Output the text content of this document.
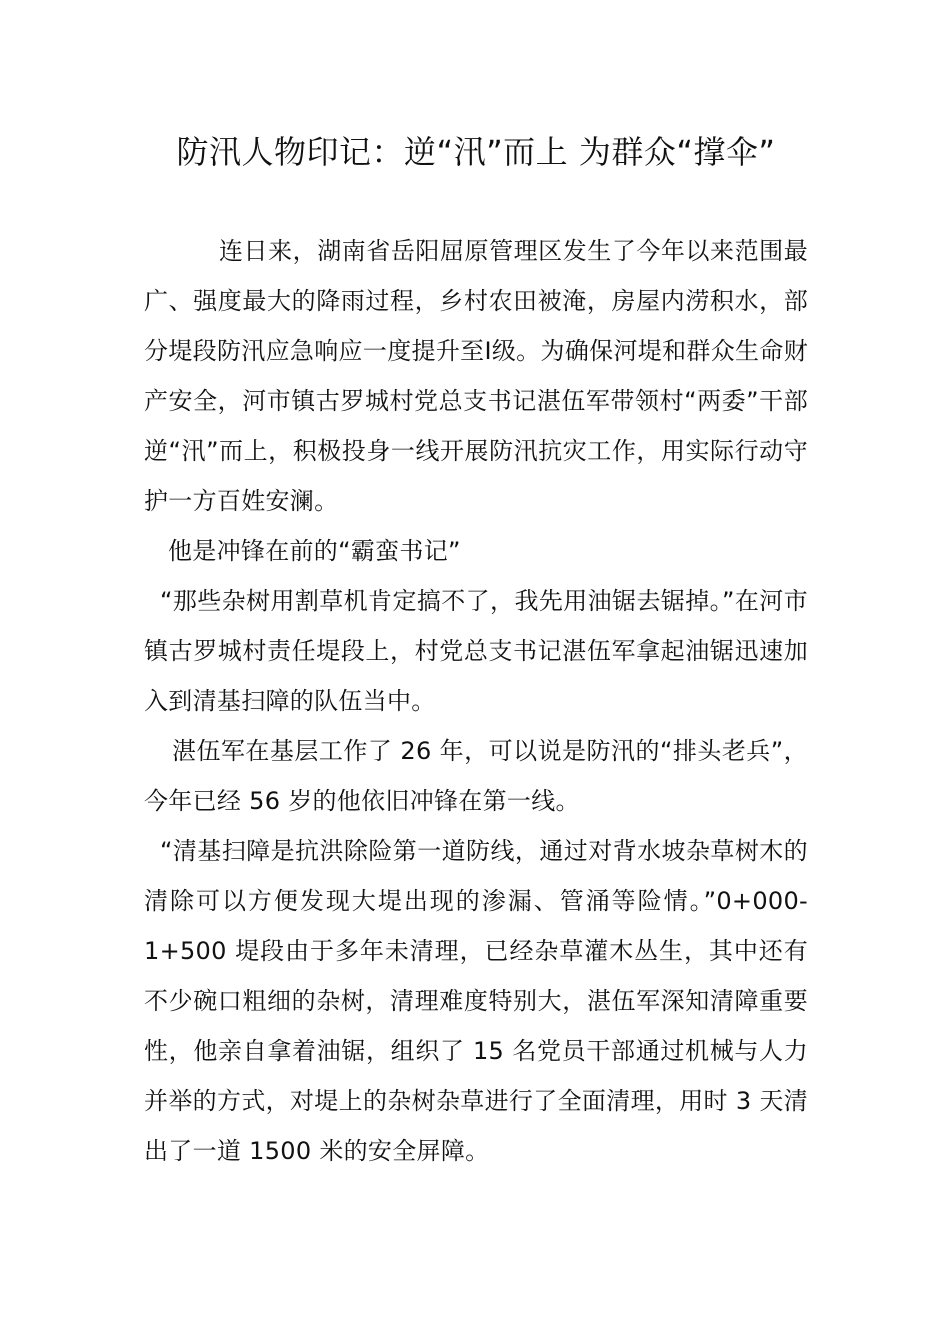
防汛人物印记：逆“汛”而上 为群众“撑伞”

连日来，湖南省岳阳屈原管理区发生了今年以来范围最广、强度最大的降雨过程，乡村农田被淹，房屋内涝积水，部分堤段防汛应急响应一度提升至Ⅰ级。为确保河堤和群众生命财产安全，河市镇古罗城村党总支书记湛伍军带领村“两委”干部逆“汛”而上，积极投身一线开展防汛抗灾工作，用实际行动守护一方百姓安澜。

他是冲锋在前的“霸蛮书记”

“那些杂树用割草机肯定搞不了，我先用油锯去锯掉。”在河市镇古罗城村责任堤段上，村党总支书记湛伍军拿起油锯迅速加入到清基扫障的队伍当中。

湛伍军在基层工作了 26 年，可以说是防汛的“排头老兵”，今年已经 56 岁的他依旧冲锋在第一线。

“清基扫障是抗洪除险第一道防线，通过对背水坡杂草树木的清除可以方便发现大堤出现的渗漏、管涌等险情。”0+000-1+500 堤段由于多年未清理，已经杂草灌木丛生，其中还有不少碗口粗细的杂树，清理难度特别大，湛伍军深知清障重要性，他亲自拿着油锯，组织了 15 名党员干部通过机械与人力并举的方式，对堤上的杂树杂草进行了全面清理，用时 3 天清出了一道 1500 米的安全屏障。
